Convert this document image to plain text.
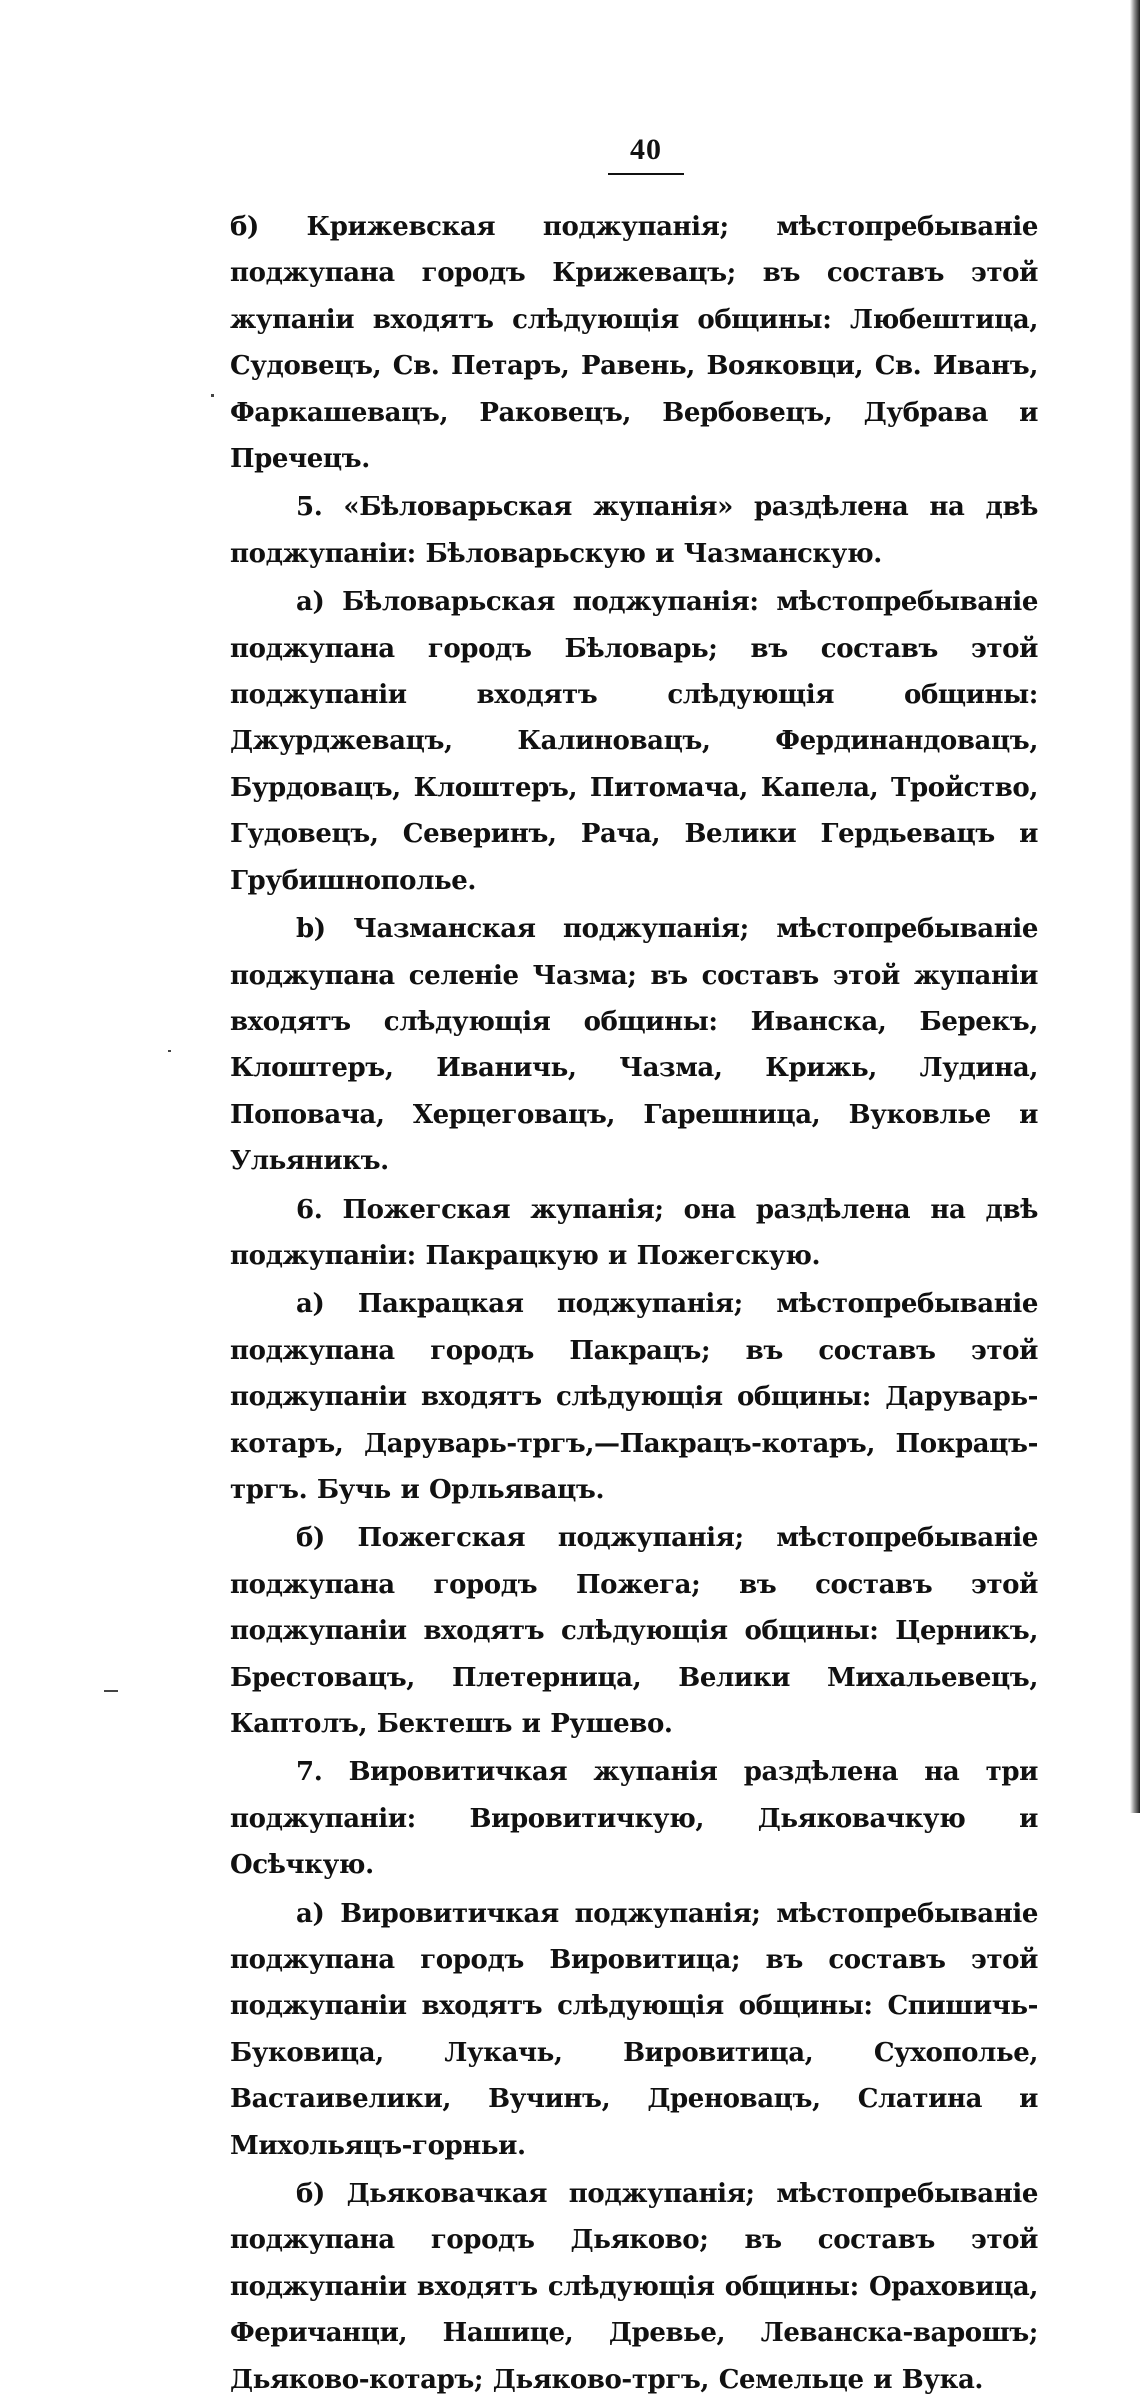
40

б) Крижевская поджупанія; мѣстопребываніе поджупана городъ Крижевацъ; въ составъ этой жупаніи входятъ слѣдующія общины: Любештица, Судовецъ, Св. Петаръ, Равень, Вояковци, Св. Иванъ, Фаркашевацъ, Раковецъ, Вербовецъ, Дубрава и Пречецъ.

5. «Бѣловарьская жупанія» раздѣлена на двѣ поджупаніи: Бѣловарьскую и Чазманскую.

а) Бѣловарьская поджупанія: мѣстопребываніе поджупана городъ Бѣловарь; въ составъ этой поджупаніи входятъ слѣдующія общины: Джурджевацъ, Калиновацъ, Фердинандовацъ, Бурдовацъ, Клоштеръ, Питомача, Капела, Тройство, Гудовецъ, Северинъ, Рача, Велики Гердьевацъ и Грубишнополье.

b) Чазманская поджупанія; мѣстопребываніе поджупана селеніе Чазма; въ составъ этой жупаніи входятъ слѣдующія общины: Иванска, Берекъ, Клоштеръ, Иваничь, Чазма, Крижь, Лудина, Поповача, Херцеговацъ, Гарешница, Вуковлье и Ульяникъ.

6. Пожегская жупанія; она раздѣлена на двѣ поджупаніи: Пакрацкую и Пожегскую.

а) Пакрацкая поджупанія; мѣстопребываніе поджупана городъ Пакрацъ; въ составъ этой поджупаніи входятъ слѣдующія общины: Даруварь-котаръ, Даруварь-тргъ,—Пакрацъ-котаръ, Покрацъ-тргъ. Бучь и Орльявацъ.

б) Пожегская поджупанія; мѣстопребываніе поджупана городъ Пожега; въ составъ этой поджупаніи входятъ слѣдующія общины: Церникъ, Брестовацъ, Плетерница, Велики Михальевецъ, Каптолъ, Бектешъ и Рушево.

7. Вировитичкая жупанія раздѣлена на три поджупаніи: Вировитичкую, Дьяковачкую и Осѣчкую.

а) Вировитичкая поджупанія; мѣстопребываніе поджупана городъ Вировитица; въ составъ этой поджупаніи входятъ слѣдующія общины: Спишичь-Буковица, Лукачь, Вировитица, Сухополье, Вастаивелики, Вучинъ, Дреновацъ, Слатина и Михольяцъ-горньи.

б) Дьяковачкая поджупанія; мѣстопребываніе поджупана городъ Дьяково; въ составъ этой поджупаніи входятъ слѣдующія общины: Ораховица, Феричанци, Нашице, Древье, Леванска-варошъ; Дьяково-котаръ; Дьяково-тргъ, Семельце и Вука.
